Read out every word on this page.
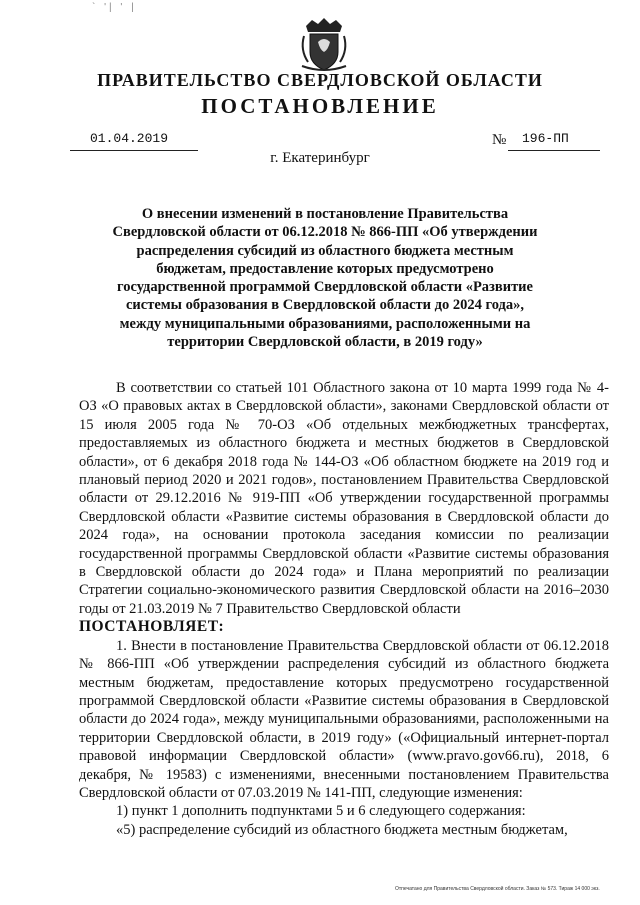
` '| ' |
ПРАВИТЕЛЬСТВО СВЕРДЛОВСКОЙ ОБЛАСТИ
ПОСТАНОВЛЕНИЕ
01.04.2019	№ 196-ПП
г. Екатеринбург
О внесении изменений в постановление Правительства Свердловской области от 06.12.2018 № 866-ПП «Об утверждении распределения субсидий из областного бюджета местным бюджетам, предоставление которых предусмотрено государственной программой Свердловской области «Развитие системы образования в Свердловской области до 2024 года», между муниципальными образованиями, расположенными на территории Свердловской области, в 2019 году»

В соответствии со статьей 101 Областного закона от 10 марта 1999 года № 4-ОЗ «О правовых актах в Свердловской области», законами Свердловской области от 15 июля 2005 года № 70-ОЗ «Об отдельных межбюджетных трансфертах, предоставляемых из областного бюджета и местных бюджетов в Свердловской области», от 6 декабря 2018 года № 144-ОЗ «Об областном бюджете на 2019 год и плановый период 2020 и 2021 годов», постановлением Правительства Свердловской области от 29.12.2016 № 919-ПП «Об утверждении государственной программы Свердловской области «Развитие системы образования в Свердловской области до 2024 года», на основании протокола заседания комиссии по реализации государственной программы Свердловской области «Развитие системы образования в Свердловской области до 2024 года» и Плана мероприятий по реализации Стратегии социально-экономического развития Свердловской области на 2016–2030 годы от 21.03.2019 № 7 Правительство Свердловской области

ПОСТАНОВЛЯЕТ:

1. Внести в постановление Правительства Свердловской области от 06.12.2018 № 866-ПП «Об утверждении распределения субсидий из областного бюджета местным бюджетам, предоставление которых предусмотрено государственной программой Свердловской области «Развитие системы образования в Свердловской области до 2024 года», между муниципальными образованиями, расположенными на территории Свердловской области, в 2019 году» («Официальный интернет-портал правовой информации Свердловской области» (www.pravo.gov66.ru), 2018, 6 декабря, № 19583) с изменениями, внесенными постановлением Правительства Свердловской области от 07.03.2019 № 141-ПП, следующие изменения:

1) пункт 1 дополнить подпунктами 5 и 6 следующего содержания:

«5) распределение субсидий из областного бюджета местным бюджетам,

Отпечатано для Правительства Свердловской области. Заказ № 573. Тираж 14 000 экз.
